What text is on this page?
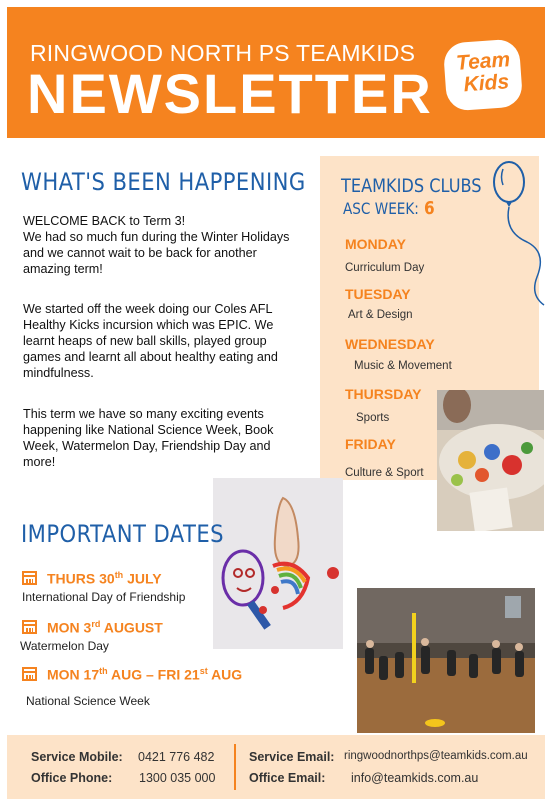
RINGWOOD NORTH PS TEAMKIDS
NEWSLETTER
Team
Kids
WHAT'S BEEN HAPPENING
WELCOME BACK to Term 3!
We had so much fun during the Winter Holidays and we cannot wait to be back for another amazing term!
We started off the week doing our Coles AFL Healthy Kicks incursion which was EPIC. We learnt heaps of new ball skills, played group games and learnt all about healthy eating and mindfulness.
This term we have so many exciting events happening like National Science Week, Book Week, Watermelon Day, Friendship Day and more!
TEAMKIDS CLUBS
ASC WEEK: 6
MONDAY
Curriculum Day
TUESDAY
Art & Design
WEDNESDAY
Music & Movement
THURSDAY
Sports
FRIDAY
Culture & Sport
IMPORTANT DATES
THURS 30th JULY
International Day of Friendship
MON 3rd AUGUST
Watermelon Day
MON 17th AUG – FRI 21st AUG
National Science Week
Service Mobile: 0421 776 482
Office Phone: 1300 035 000
Service Email: ringwoodnorthps@teamkids.com.au
Office Email: info@teamkids.com.au
